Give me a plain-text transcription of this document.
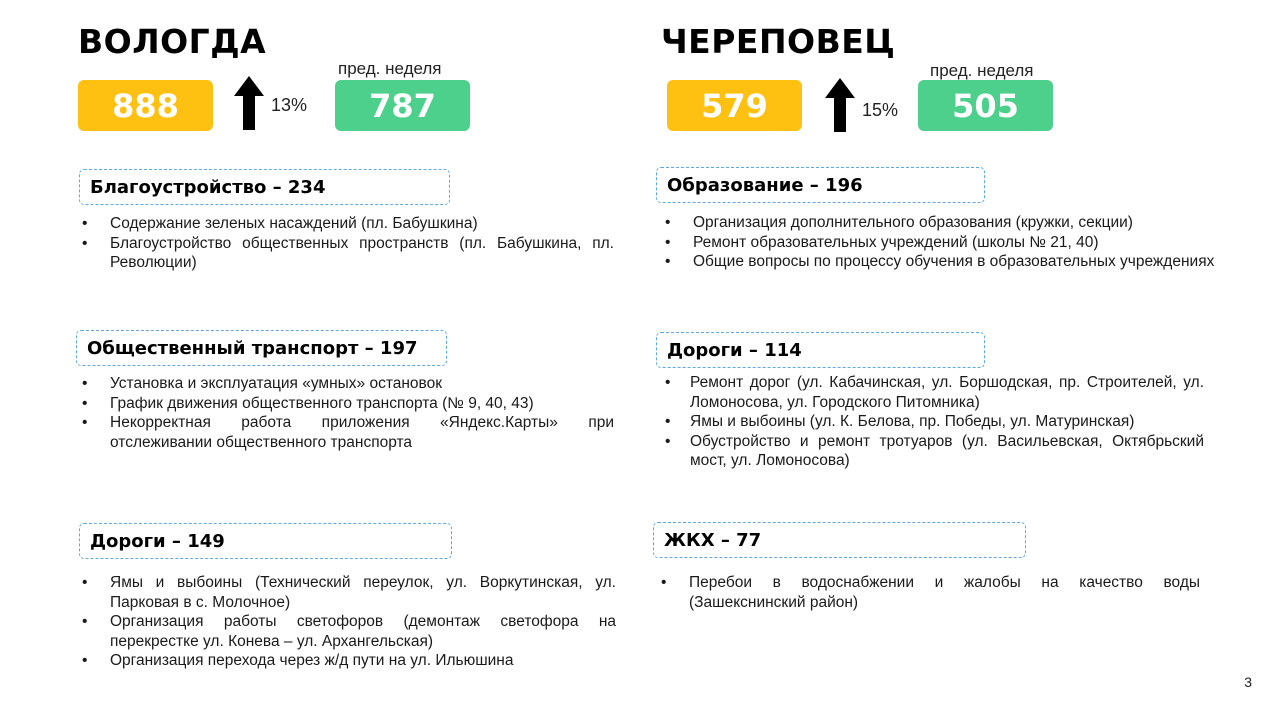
ВОЛОГДА
888	13%
пред. неделя
787
Благоустройство – 234
• Содержание зеленых насаждений (пл. Бабушкина)
• Благоустройство общественных пространств (пл. Бабушкина, пл. Революции)
Общественный транспорт – 197
• Установка и эксплуатация «умных» остановок
• График движения общественного транспорта (№ 9, 40, 43)
• Некорректная работа приложения «Яндекс.Карты» при отслеживании общественного транспорта
Дороги – 149
• Ямы и выбоины (Технический переулок, ул. Воркутинская, ул. Парковая в с. Молочное)
• Организация работы светофоров (демонтаж светофора на перекрестке ул. Конева – ул. Архангельская)
• Организация перехода через ж/д пути на ул. Ильюшина
ЧЕРЕПОВЕЦ
579	15%
пред. неделя
505
Образование – 196
• Организация дополнительного образования (кружки, секции)
• Ремонт образовательных учреждений (школы № 21, 40)
• Общие вопросы по процессу обучения в образовательных учреждениях
Дороги – 114
• Ремонт дорог (ул. Кабачинская, ул. Боршодская, пр. Строителей, ул. Ломоносова, ул. Городского Питомника)
• Ямы и выбоины (ул. К. Белова, пр. Победы, ул. Матуринская)
• Обустройство и ремонт тротуаров (ул. Васильевская, Октябрьский мост, ул. Ломоносова)
ЖКХ – 77
• Перебои в водоснабжении и жалобы на качество воды (Зашекснинский район)
3
